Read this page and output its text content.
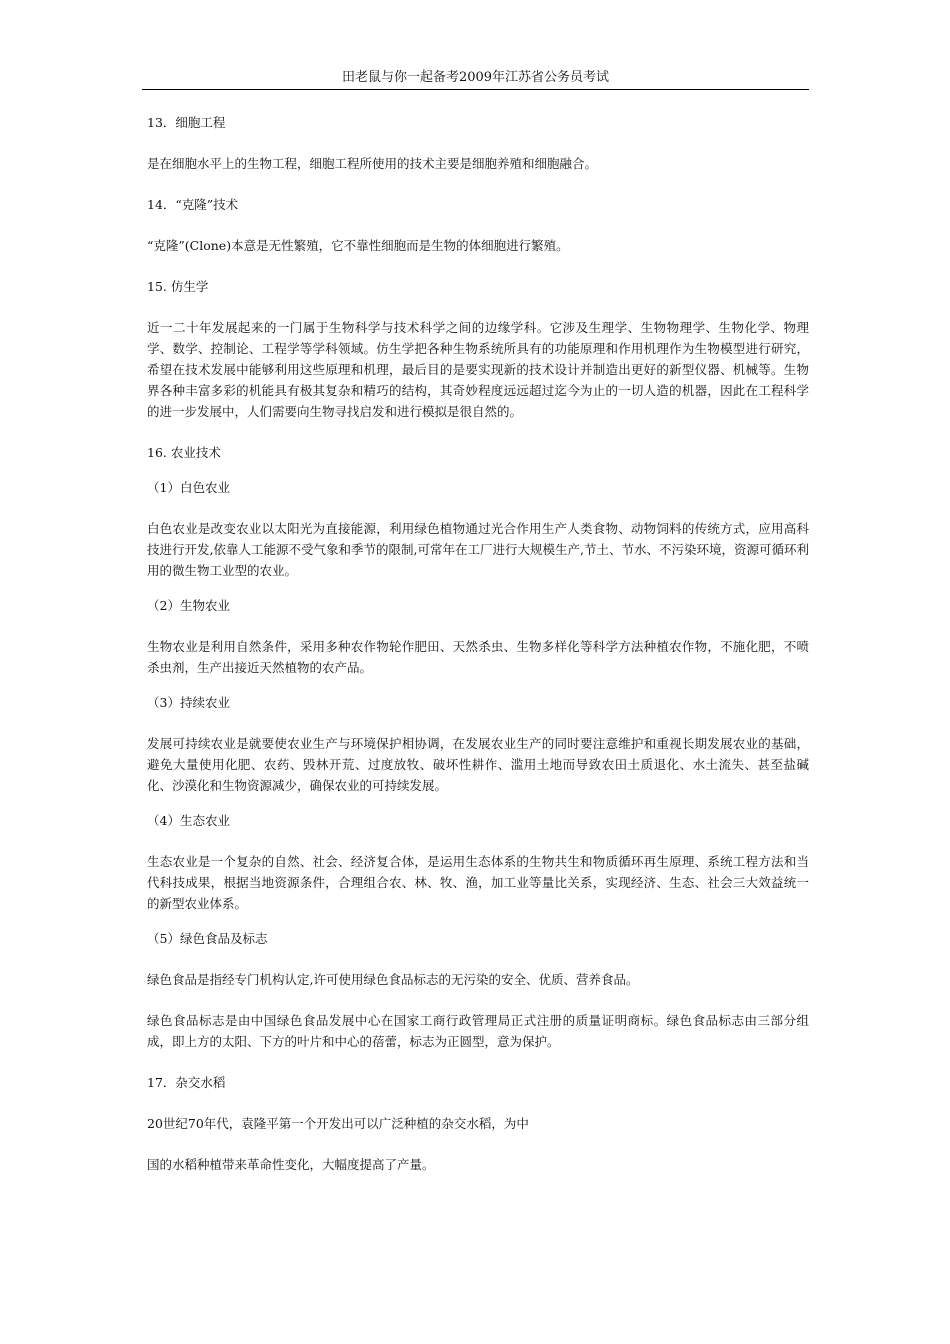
田老鼠与你一起备考2009年江苏省公务员考试

13．细胞工程

是在细胞水平上的生物工程，细胞工程所使用的技术主要是细胞养殖和细胞融合。

14．“克隆”技术

“克隆”(Clone)本意是无性繁殖，它不靠性细胞而是生物的体细胞进行繁殖。

15. 仿生学

近一二十年发展起来的一门属于生物科学与技术科学之间的边缘学科。它涉及生理学、生物物理学、生物化学、物理学、数学、控制论、工程学等学科领域。仿生学把各种生物系统所具有的功能原理和作用机理作为生物模型进行研究，希望在技术发展中能够利用这些原理和机理，最后目的是要实现新的技术设计并制造出更好的新型仪器、机械等。生物界各种丰富多彩的机能具有极其复杂和精巧的结构，其奇妙程度远远超过迄今为止的一切人造的机器，因此在工程科学的进一步发展中，人们需要向生物寻找启发和进行模拟是很自然的。

16. 农业技术

（1）白色农业

白色农业是改变农业以太阳光为直接能源，利用绿色植物通过光合作用生产人类食物、动物饲料的传统方式，应用高科技进行开发,依靠人工能源不受气象和季节的限制,可常年在工厂进行大规模生产,节土、节水、不污染环境，资源可循环利用的微生物工业型的农业。

（2）生物农业

生物农业是利用自然条件，采用多种农作物轮作肥田、天然杀虫、生物多样化等科学方法种植农作物，不施化肥，不喷杀虫剂，生产出接近天然植物的农产品。

（3）持续农业

发展可持续农业是就要使农业生产与环境保护相协调，在发展农业生产的同时要注意维护和重视长期发展农业的基础，避免大量使用化肥、农药、毁林开荒、过度放牧、破坏性耕作、滥用土地而导致农田土质退化、水土流失、甚至盐碱化、沙漠化和生物资源减少，确保农业的可持续发展。

（4）生态农业

生态农业是一个复杂的自然、社会、经济复合体，是运用生态体系的生物共生和物质循环再生原理、系统工程方法和当代科技成果，根据当地资源条件，合理组合农、林、牧、渔，加工业等量比关系，实现经济、生态、社会三大效益统一的新型农业体系。

（5）绿色食品及标志

绿色食品是指经专门机构认定,许可使用绿色食品标志的无污染的安全、优质、营养食品。

绿色食品标志是由中国绿色食品发展中心在国家工商行政管理局正式注册的质量证明商标。绿色食品标志由三部分组成，即上方的太阳、下方的叶片和中心的蓓蕾，标志为正圆型，意为保护。

17．杂交水稻

20世纪70年代，袁隆平第一个开发出可以广泛种植的杂交水稻，为中

国的水稻种植带来革命性变化，大幅度提高了产量。
